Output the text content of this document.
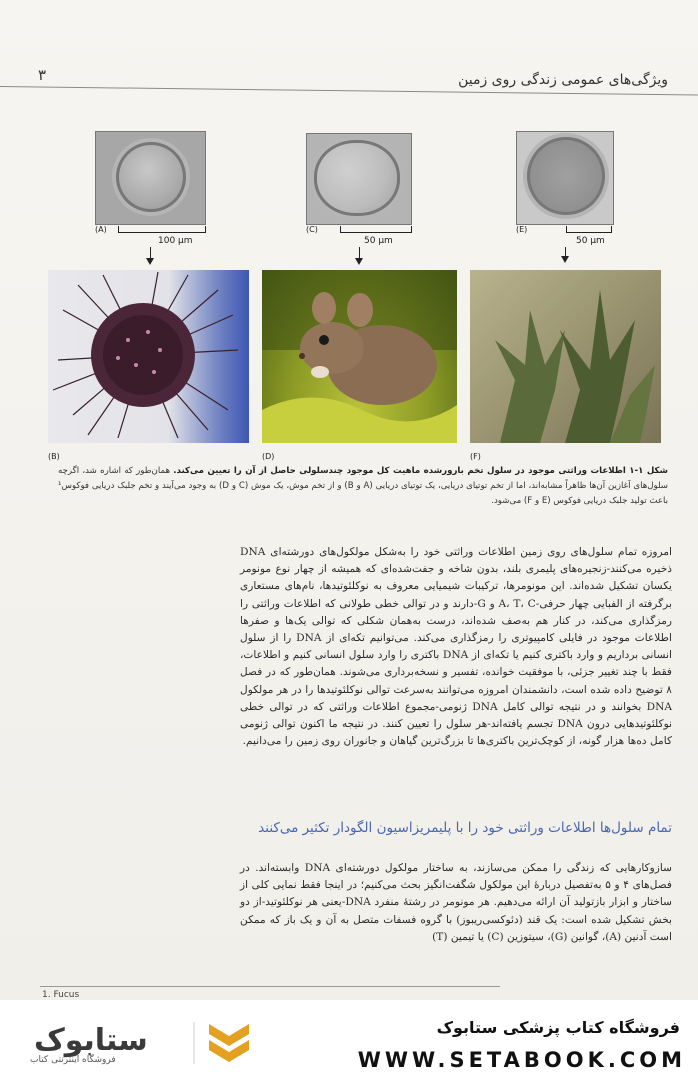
۳	ویژگی‌های عمومی زندگی روی زمین
(A)	(C)	(E)
100 μm	50 μm	50 μm
(B)	(D)	(F)
شکل ۱-۱ اطلاعات وراثتی موجود در سلول تخم بارورشده ماهیت کل موجود چندسلولی حاصل از آن را تعیین می‌کند. همان‌طور که اشاره شد، اگرچه سلول‌های آغازین آن‌ها ظاهراً مشابه‌اند، اما از تخم توتیای دریایی، یک توتیای دریایی (A و B) و از تخم موش، یک موش (C و D) به وجود می‌آیند و تخم جلبک دریایی فوکوس¹ باعث تولید جلبک دریایی فوکوس (E و F) می‌شود.

امروزه تمام سلول‌های روی زمین اطلاعات وراثتی خود را به‌شکل مولکول‌های دورشته‌ای DNA ذخیره می‌کنند-زنجیره‌های پلیمری بلند، بدون شاخه و جفت‌شده‌ای که همیشه از چهار نوع مونومر یکسان تشکیل شده‌اند. این مونومرها، ترکیبات شیمیایی معروف به نوکلئوتیدها، نام‌های مستعاری برگرفته از الفبایی چهار حرفی-A، T، C و G-دارند و در توالی خطی طولانی که اطلاعات وراثتی را رمزگذاری می‌کند، در کنار هم به‌صف شده‌اند، درست به‌همان شکلی که توالی یک‌ها و صفرها اطلاعات موجود در فایلی کامپیوتری را رمزگذاری می‌کند. می‌توانیم تکه‌ای از DNA را از سلول انسانی برداریم و وارد باکتری کنیم یا تکه‌ای از DNA باکتری را وارد سلول انسانی کنیم و اطلاعات، فقط با چند تغییر جزئی، با موفقیت خوانده، تفسیر و نسخه‌برداری می‌شوند. همان‌طور که در فصل ۸ توضیح داده شده است، دانشمندان امروزه می‌توانند به‌سرعت توالی نوکلئوتیدها را در هر مولکول DNA بخوانند و در نتیجه توالی کامل DNA ژنومی-مجموع اطلاعات وراثتی که در توالی خطی نوکلئوتیدهایی درون DNA تجسم یافته‌اند-هر سلول را تعیین کنند. در نتیجه ما اکنون توالی ژنومی کامل ده‌ها هزار گونه، از کوچک‌ترین باکتری‌ها تا بزرگ‌ترین گیاهان و جانوران روی زمین را می‌دانیم.

تمام سلول‌ها اطلاعات وراثتی خود را با پلیمریزاسیون الگودار تکثیر می‌کنند

سازوکارهایی که زندگی را ممکن می‌سازند، به ساختار مولکول دورشته‌ای DNA وابسته‌اند. در فصل‌های ۴ و ۵ به‌تفصیل دربارهٔ این مولکول شگفت‌انگیز بحث می‌کنیم؛ در اینجا فقط نمایی کلی از ساختار و ابزار بازتولید آن ارائه می‌دهیم. هر مونومر در رشتهٔ منفرد DNA-یعنی هر نوکلئوتید-از دو بخش تشکیل شده است: یک قند (دئوکسی‌ریبوز) با گروه فسفات متصل به آن و یک باز که ممکن است آدنین (A)، گوانین (G)، سیتوزین (C) یا تیمین (T)

1. Fucus
ستابوک
فروشگاه اینترنتی کتاب
فروشگاه کتاب پزشکی ستابوک
WWW.SETABOOK.COM
